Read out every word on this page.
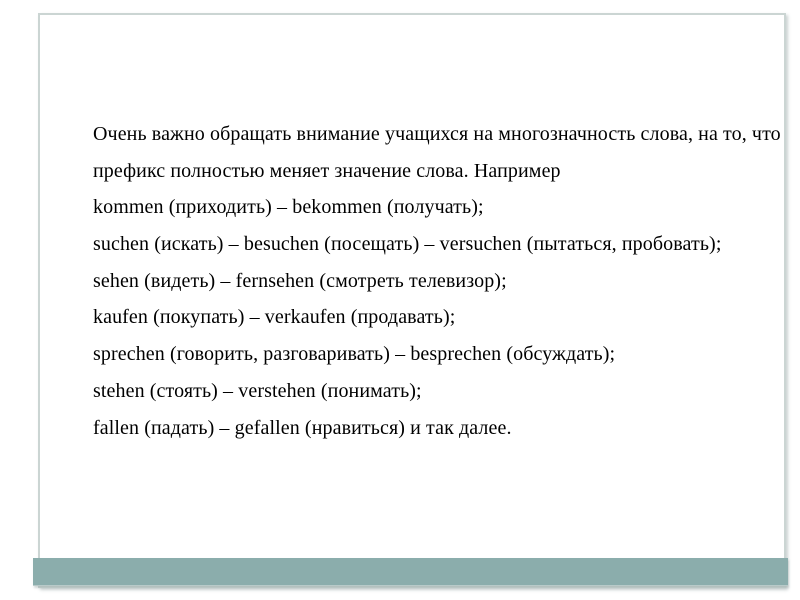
Очень важно обращать внимание учащихся на многозначность слова, на то, что
префикс полностью меняет значение слова. Например
kommen (приходить) – bekommen (получать);
suchen (искать) – besuchen (посещать) – versuchen (пытаться, пробовать);
sehen (видеть) – fernsehen (смотреть телевизор);
kaufen (покупать) – verkaufen (продавать);
sprechen (говорить, разговаривать) – besprechen (обсуждать);
stehen (стоять) – verstehen (понимать);
fallen (падать) – gefallen (нравиться) и так далее.
